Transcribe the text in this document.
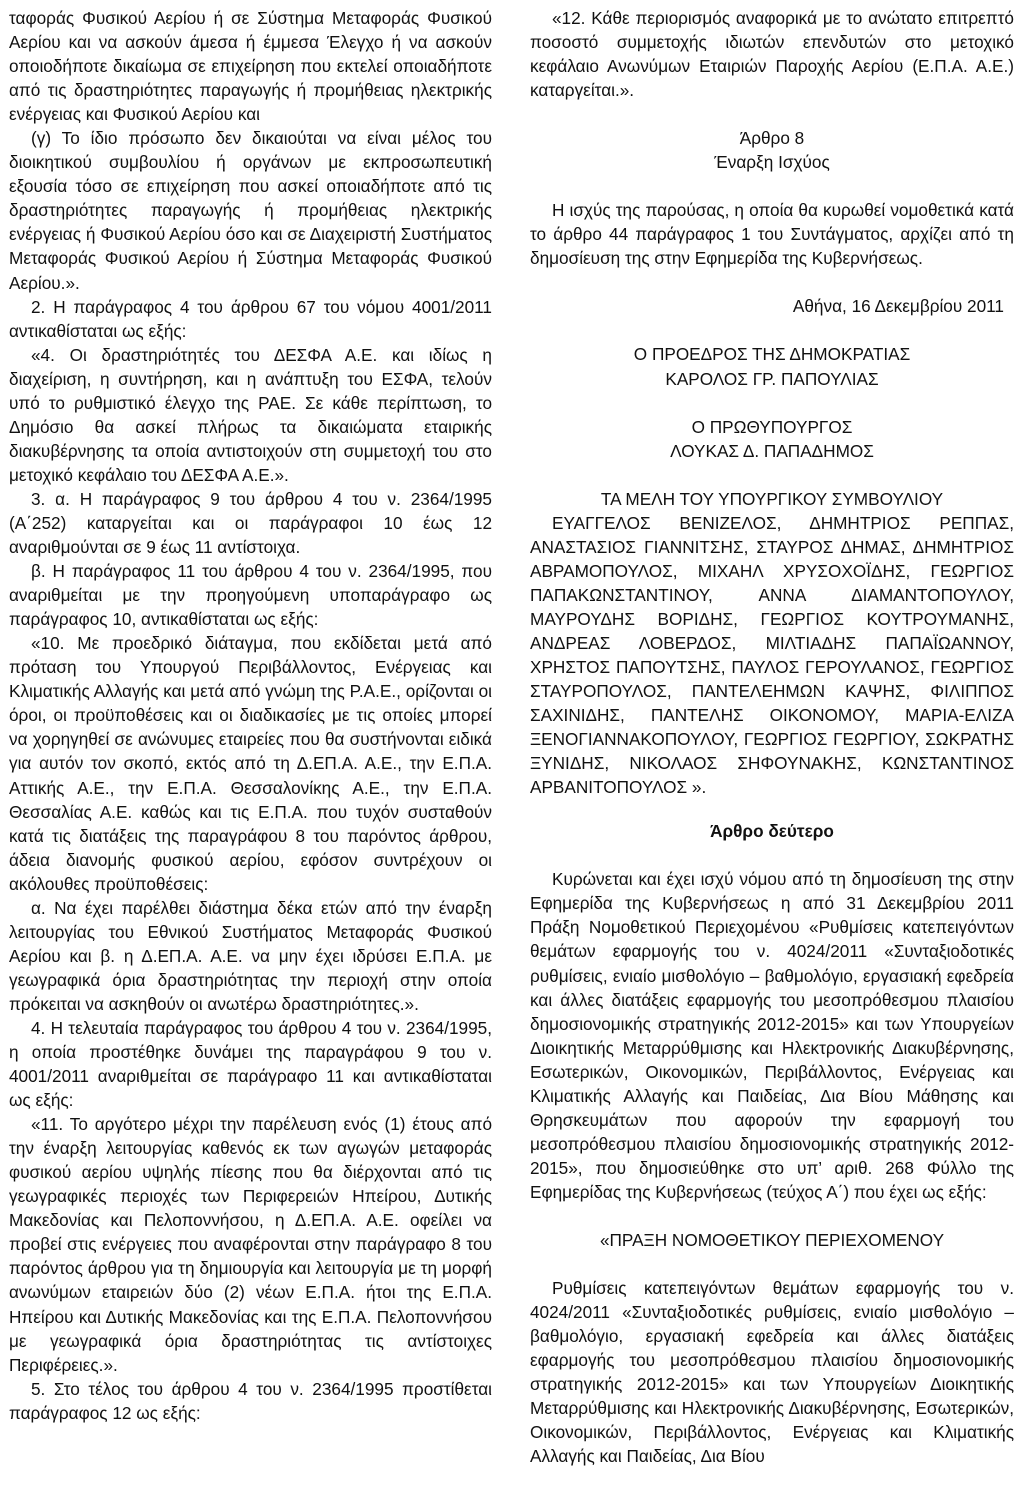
ταφοράς Φυσικού Αερίου ή σε Σύστημα Μεταφοράς Φυσικού Αερίου και να ασκούν άμεσα ή έμμεσα Έλεγχο ή να ασκούν οποιοδήποτε δικαίωμα σε επιχείρηση που εκτελεί οποιαδήποτε από τις δραστηριότητες παραγωγής ή προμήθειας ηλεκτρικής ενέργειας και Φυσικού Αερίου και

(γ) Το ίδιο πρόσωπο δεν δικαιούται να είναι μέλος του διοικητικού συμβουλίου ή οργάνων με εκπροσωπευτική εξουσία τόσο σε επιχείρηση που ασκεί οποιαδήποτε από τις δραστηριότητες παραγωγής ή προμήθειας ηλεκτρικής ενέργειας ή Φυσικού Αερίου όσο και σε Διαχειριστή Συστήματος Μεταφοράς Φυσικού Αερίου ή Σύστημα Μεταφοράς Φυσικού Αερίου.».

2. Η παράγραφος 4 του άρθρου 67 του νόμου 4001/2011 αντικαθίσταται ως εξής:

«4. Οι δραστηριότητές του ΔΕΣΦΑ Α.Ε. και ιδίως η διαχείριση, η συντήρηση, και η ανάπτυξη του ΕΣΦΑ, τελούν υπό το ρυθμιστικό έλεγχο της ΡΑΕ. Σε κάθε περίπτωση, το Δημόσιο θα ασκεί πλήρως τα δικαιώματα εταιρικής διακυβέρνησης τα οποία αντιστοιχούν στη συμμετοχή του στο μετοχικό κεφάλαιο του ΔΕΣΦΑ Α.Ε.».

3. α. Η παράγραφος 9 του άρθρου 4 του ν. 2364/1995 (Α΄252) καταργείται και οι παράγραφοι 10 έως 12 αναριθμούνται σε 9 έως 11 αντίστοιχα.

β. Η παράγραφος 11 του άρθρου 4 του ν. 2364/1995, που αναριθμείται με την προηγούμενη υποπαράγραφο ως παράγραφος 10, αντικαθίσταται ως εξής:

«10. Με προεδρικό διάταγμα, που εκδίδεται μετά από πρόταση του Υπουργού Περιβάλλοντος, Ενέργειας και Κλιματικής Αλλαγής και μετά από γνώμη της Ρ.Α.Ε., ορίζονται οι όροι, οι προϋποθέσεις και οι διαδικασίες με τις οποίες μπορεί να χορηγηθεί σε ανώνυμες εταιρείες που θα συστήνονται ειδικά για αυτόν τον σκοπό, εκτός από τη Δ.ΕΠ.Α. Α.Ε., την Ε.Π.Α. Αττικής Α.Ε., την Ε.Π.Α. Θεσσαλονίκης Α.Ε., την Ε.Π.Α. Θεσσαλίας Α.Ε. καθώς και τις Ε.Π.Α. που τυχόν συσταθούν κατά τις διατάξεις της παραγράφου 8 του παρόντος άρθρου, άδεια διανομής φυσικού αερίου, εφόσον συντρέχουν οι ακόλουθες προϋποθέσεις:

α. Να έχει παρέλθει διάστημα δέκα ετών από την έναρξη λειτουργίας του Εθνικού Συστήματος Μεταφοράς Φυσικού Αερίου και β. η Δ.ΕΠ.Α. Α.Ε. να μην έχει ιδρύσει Ε.Π.Α. με γεωγραφικά όρια δραστηριότητας την περιοχή στην οποία πρόκειται να ασκηθούν οι ανωτέρω δραστηριότητες.».

4. Η τελευταία παράγραφος του άρθρου 4 του ν. 2364/1995, η οποία προστέθηκε δυνάμει της παραγράφου 9 του ν. 4001/2011 αναριθμείται σε παράγραφο 11 και αντικαθίσταται ως εξής:

«11. Το αργότερο μέχρι την παρέλευση ενός (1) έτους από την έναρξη λειτουργίας καθενός εκ των αγωγών μεταφοράς φυσικού αερίου υψηλής πίεσης που θα διέρχονται από τις γεωγραφικές περιοχές των Περιφερειών Ηπείρου, Δυτικής Μακεδονίας και Πελοποννήσου, η Δ.ΕΠ.Α. Α.Ε. οφείλει να προβεί στις ενέργειες που αναφέρονται στην παράγραφο 8 του παρόντος άρθρου για τη δημιουργία και λειτουργία με τη μορφή ανωνύμων εταιρειών δύο (2) νέων Ε.Π.Α. ήτοι της Ε.Π.Α. Ηπείρου και Δυτικής Μακεδονίας και της Ε.Π.Α. Πελοποννήσου με γεωγραφικά όρια δραστηριότητας τις αντίστοιχες Περιφέρειες.».

5. Στο τέλος του άρθρου 4 του ν. 2364/1995 προστίθεται παράγραφος 12 ως εξής:

«12. Κάθε περιορισμός αναφορικά με το ανώτατο επιτρεπτό ποσοστό συμμετοχής ιδιωτών επενδυτών στο μετοχικό κεφάλαιο Ανωνύμων Εταιριών Παροχής Αερίου (Ε.Π.Α. Α.Ε.) καταργείται.».

Άρθρο 8

Έναρξη Ισχύος

Η ισχύς της παρούσας, η οποία θα κυρωθεί νομοθετικά κατά το άρθρο 44 παράγραφος 1 του Συντάγματος, αρχίζει από τη δημοσίευση της στην Εφημερίδα της Κυβερνήσεως.

Αθήνα, 16 Δεκεμβρίου 2011

Ο ΠΡΟΕΔΡΟΣ ΤΗΣ ΔΗΜΟΚΡΑΤΙΑΣ

ΚΑΡΟΛΟΣ ΓΡ. ΠΑΠΟΥΛΙΑΣ

Ο ΠΡΩΘΥΠΟΥΡΓΟΣ

ΛΟΥΚΑΣ Δ. ΠΑΠΑΔΗΜΟΣ

ΤΑ ΜΕΛΗ ΤΟΥ ΥΠΟΥΡΓΙΚΟΥ ΣΥΜΒΟΥΛΙΟΥ

ΕΥΑΓΓΕΛΟΣ ΒΕΝΙΖΕΛΟΣ, ΔΗΜΗΤΡΙΟΣ ΡΕΠΠΑΣ, ΑΝΑΣΤΑΣΙΟΣ ΓΙΑΝΝΙΤΣΗΣ, ΣΤΑΥΡΟΣ ΔΗΜΑΣ, ΔΗΜΗΤΡΙΟΣ ΑΒΡΑΜΟΠΟΥΛΟΣ, ΜΙΧΑΗΛ ΧΡΥΣΟΧΟΪΔΗΣ, ΓΕΩΡΓΙΟΣ ΠΑΠΑΚΩΝΣΤΑΝΤΙΝΟΥ, ΑΝΝΑ ΔΙΑΜΑΝΤΟΠΟΥΛΟΥ, ΜΑΥΡΟΥΔΗΣ ΒΟΡΙΔΗΣ, ΓΕΩΡΓΙΟΣ ΚΟΥΤΡΟΥΜΑΝΗΣ, ΑΝΔΡΕΑΣ ΛΟΒΕΡΔΟΣ, ΜΙΛΤΙΑΔΗΣ ΠΑΠΑΪΩΑΝΝΟΥ, ΧΡΗΣΤΟΣ ΠΑΠΟΥΤΣΗΣ, ΠΑΥΛΟΣ ΓΕΡΟΥΛΑΝΟΣ, ΓΕΩΡΓΙΟΣ ΣΤΑΥΡΟΠΟΥΛΟΣ, ΠΑΝΤΕΛΕΗΜΩΝ ΚΑΨΗΣ, ΦΙΛΙΠΠΟΣ ΣΑΧΙΝΙΔΗΣ, ΠΑΝΤΕΛΗΣ ΟΙΚΟΝΟΜΟΥ, ΜΑΡΙΑ-ΕΛΙΖΑ ΞΕΝΟΓΙΑΝΝΑΚΟΠΟΥΛΟΥ, ΓΕΩΡΓΙΟΣ ΓΕΩΡΓΙΟΥ, ΣΩΚΡΑΤΗΣ ΞΥΝΙΔΗΣ, ΝΙΚΟΛΑΟΣ ΣΗΦΟΥΝΑΚΗΣ, ΚΩΝΣΤΑΝΤΙΝΟΣ ΑΡΒΑΝΙΤΟΠΟΥΛΟΣ ».

Άρθρο δεύτερο

Κυρώνεται και έχει ισχύ νόμου από τη δημοσίευση της στην Εφημερίδα της Κυβερνήσεως η από 31 Δεκεμβρίου 2011 Πράξη Νομοθετικού Περιεχομένου «Ρυθμίσεις κατεπειγόντων θεμάτων εφαρμογής του ν. 4024/2011 «Συνταξιοδοτικές ρυθμίσεις, ενιαίο μισθολόγιο – βαθμολόγιο, εργασιακή εφεδρεία και άλλες διατάξεις εφαρμογής του μεσοπρόθεσμου πλαισίου δημοσιονομικής στρατηγικής 2012-2015» και των Υπουργείων Διοικητικής Μεταρρύθμισης και Ηλεκτρονικής Διακυβέρνησης, Εσωτερικών, Οικονομικών, Περιβάλλοντος, Ενέργειας και Κλιματικής Αλλαγής και Παιδείας, Δια Βίου Μάθησης και Θρησκευμάτων που αφορούν την εφαρμογή του μεσοπρόθεσμου πλαισίου δημοσιονομικής στρατηγικής 2012-2015», που δημοσιεύθηκε στο υπ’ αριθ. 268 Φύλλο της Εφημερίδας της Κυβερνήσεως (τεύχος Α΄) που έχει ως εξής:

«ΠΡΑΞΗ ΝΟΜΟΘΕΤΙΚΟΥ ΠΕΡΙΕΧΟΜΕΝΟΥ

Ρυθμίσεις κατεπειγόντων θεμάτων εφαρμογής του ν. 4024/2011 «Συνταξιοδοτικές ρυθμίσεις, ενιαίο μισθολόγιο – βαθμολόγιο, εργασιακή εφεδρεία και άλλες διατάξεις εφαρμογής του μεσοπρόθεσμου πλαισίου δημοσιονομικής στρατηγικής 2012-2015» και των Υπουργείων Διοικητικής Μεταρρύθμισης και Ηλεκτρονικής Διακυβέρνησης, Εσωτερικών, Οικονομικών, Περιβάλλοντος, Ενέργειας και Κλιματικής Αλλαγής και Παιδείας, Δια Βίου
